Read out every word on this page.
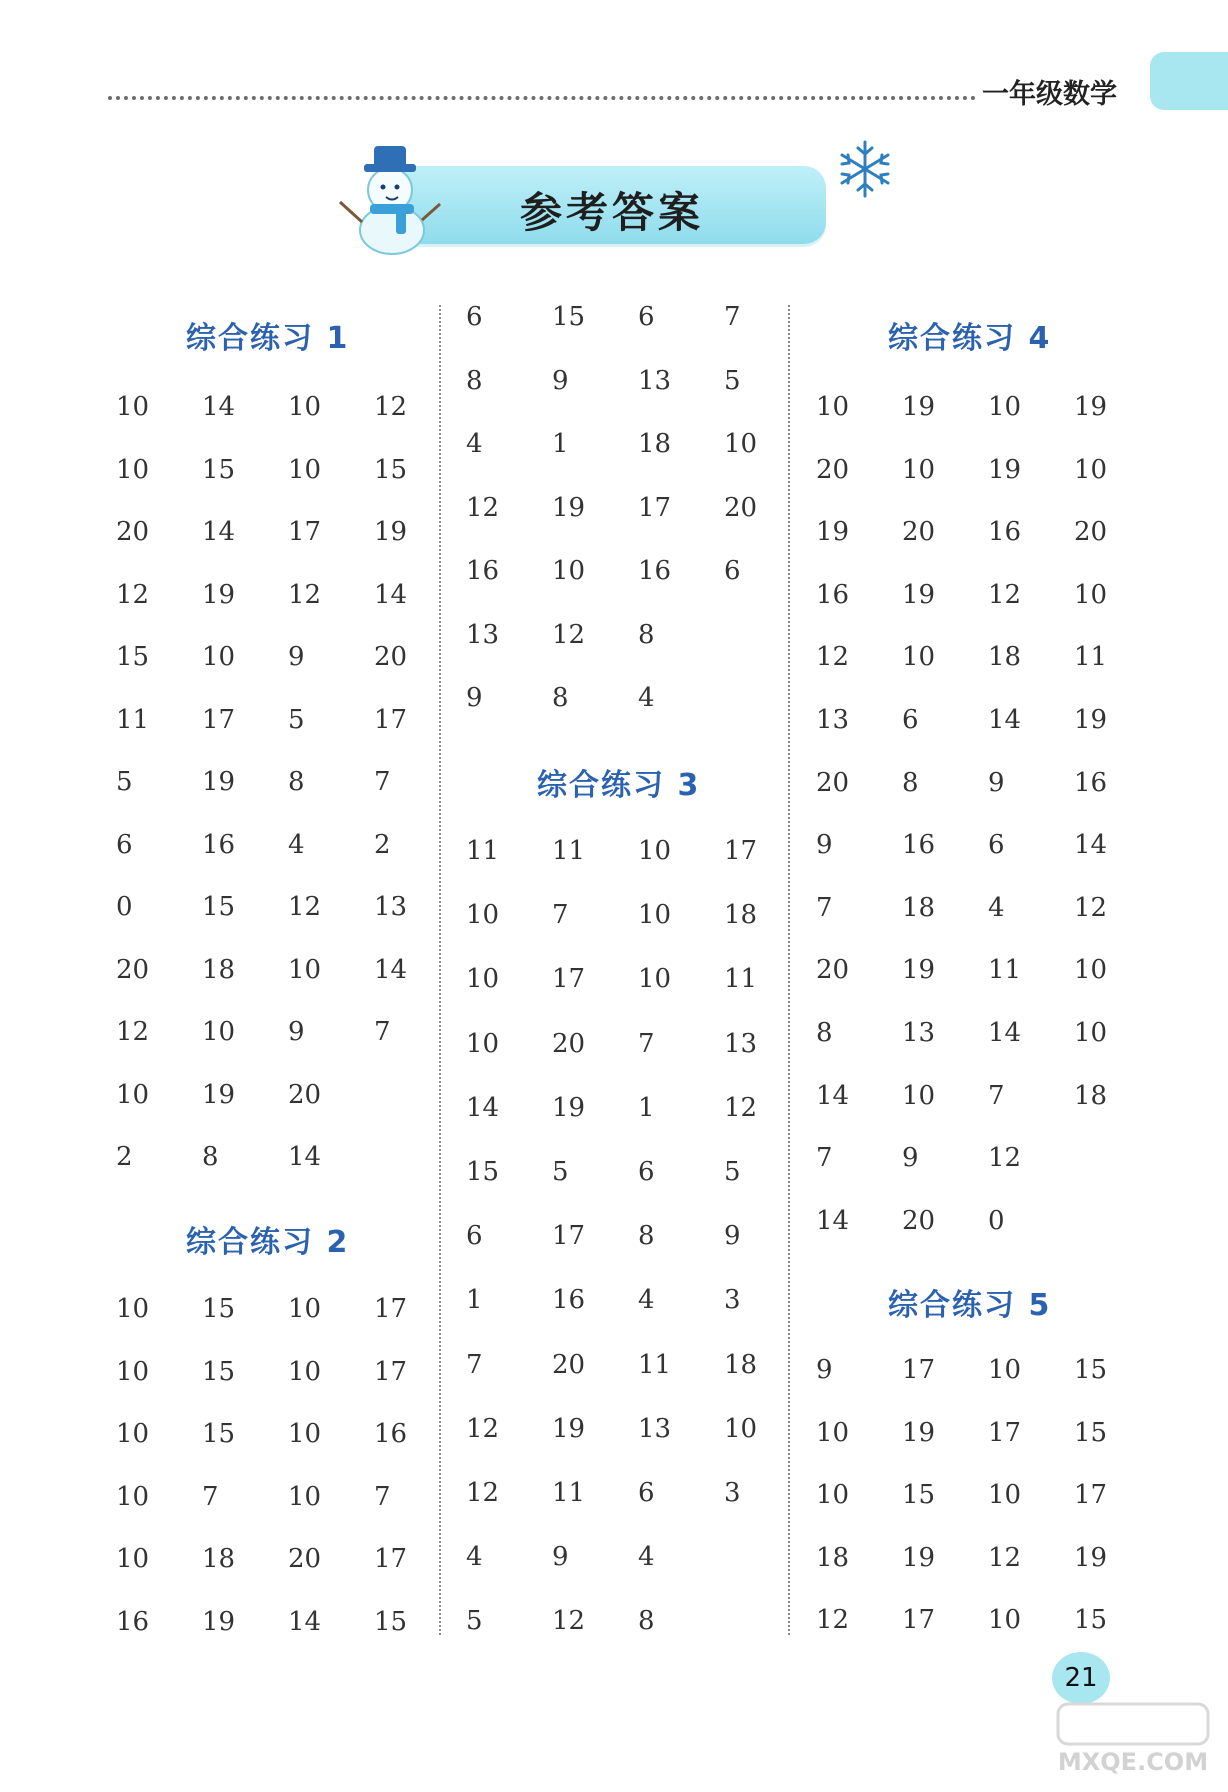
一年级数学
参考答案
综合练习 1
综合练习 2
综合练习 3
综合练习 4
综合练习 5
10 14 10 12
10 15 10 15
20 14 17 19
12 19 12 14
15 10 9	20
11 17 5	17
5	19 8	7
6	16 4	2
0	15 12 13
20 18 10 14
12 10 9	7
10 19 20
2	8	14
10 15 10 17
10 15 10 17
10 15 10 16
10 7	10 7
10 18 20 17
16 19 14 15
6	15 6	7
8	9	13 5
4	1	18 10
12 19 17 20
16 10 16 6
13 12 8
9	8	4
11 11 10 17
10 7	10 18
10 17 10 11
10 20 7	13
14 19 1	12
15 5	6	5
6	17 8	9
1	16 4	3
7	20 11 18
12 19 13 10
12 11 6	3
4	9	4
5	12 8
10 19 10 19
20 10 19 10
19 20 16 20
16 19 12 10
12 10 18 11
13 6	14 19
20 8	9	16
9	16 6	14
7	18 4	12
20 19 11 10
8	13 14 10
14 10 7	18
7	9	12
14 20 0
9	17 10 15
10 19 17 15
10 15 10 17
18 19 12 19
12 17 10 15
21
MXQE.COM
